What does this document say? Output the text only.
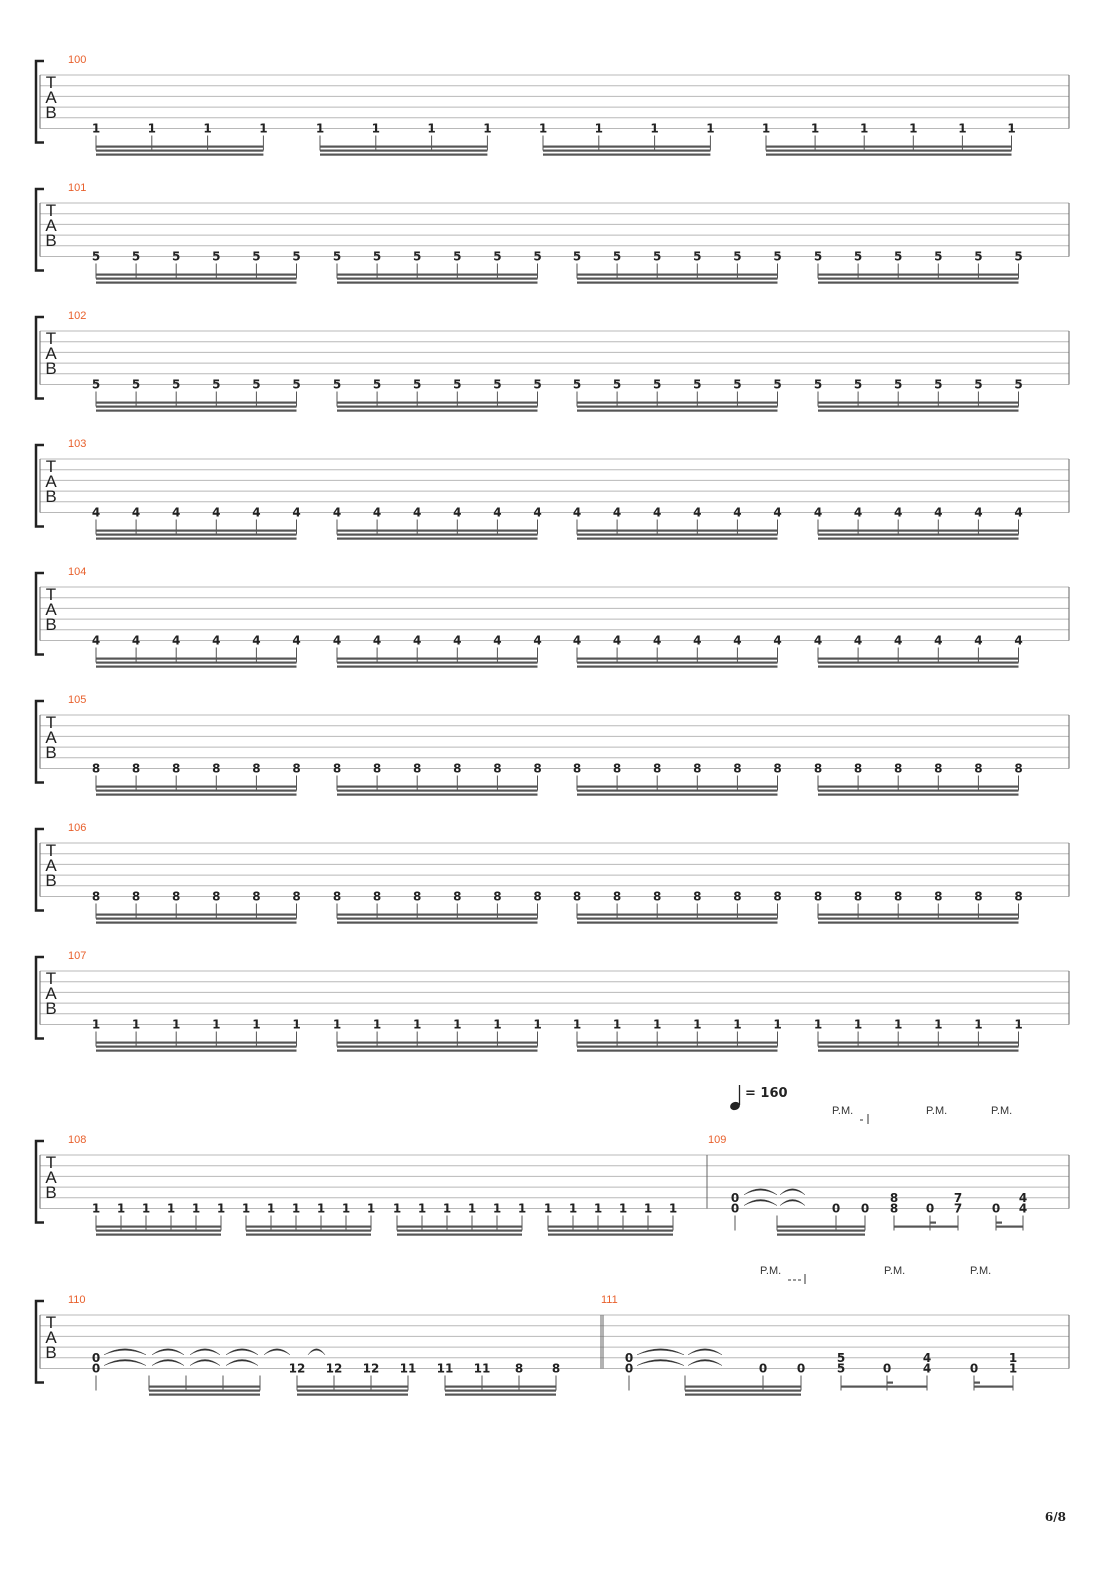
T
A
B
100
1	1	1	1	1	1	1	1	1	1	1	1	1	1	1	1	1	1
T
A
B
101
5	5	5	5	5	5	5	5	5	5	5	5	5	5	5	5	5	5	5	5	5	5	5	5
T
A
B
102
5	5	5	5	5	5	5	5	5	5	5	5	5	5	5	5	5	5	5	5	5	5	5	5
T
A
B
103
4	4	4	4	4	4	4	4	4	4	4	4	4	4	4	4	4	4	4	4	4	4	4	4
T
A
B
104
4	4	4	4	4	4	4	4	4	4	4	4	4	4	4	4	4	4	4	4	4	4	4	4
T
A
B
105
8	8	8	8	8	8	8	8	8	8	8	8	8	8	8	8	8	8	8	8	8	8	8	8
T
A
B
106
8	8	8	8	8	8	8	8	8	8	8	8	8	8	8	8	8	8	8	8	8	8	8	8
T
A
B
107
1	1	1	1	1	1	1	1	1	1	1	1	1	1	1	1	1	1	1	1	1	1	1	1
T
A
B
108	109
= 160
1 1 1 1 1 1 1 1 1 1 1 1 1 1 1 1 1 1 1 1 1 1 1 1
P.M.	P.M.	P.M.
0
0	0 0
8
8 0
7
7 0
4
4
T
A
B
110	111
0
0	12 12 12 11 11 11 8 8
P.M.	P.M.	P.M.
0
0	0 0
5
5	0
4
4	0
1
1
6/8
